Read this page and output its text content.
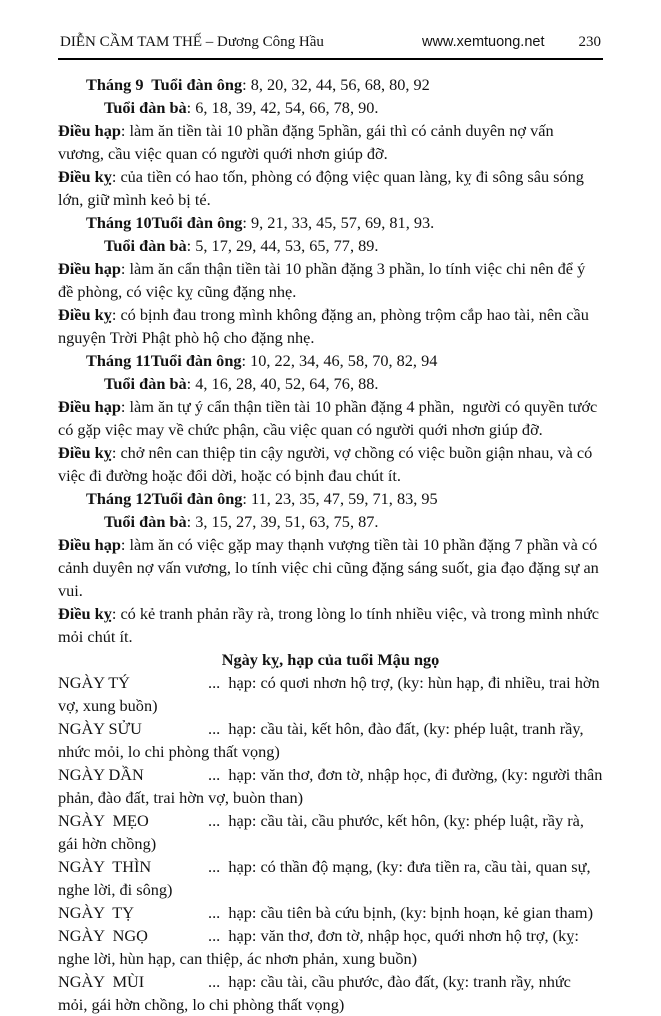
DIỄN CẦM TAM THẾ – Dương Công Hầu	www.xemtuong.net 230

Tháng 9  Tuổi đàn ông: 8, 20, 32, 44, 56, 68, 80, 92

Tuổi đàn bà: 6, 18, 39, 42, 54, 66, 78, 90.

Điều hạp: làm ăn tiền tài 10 phần đặng 5phần, gái thì có cảnh duyên nợ vấn vương, cầu việc quan có người quới nhơn giúp đỡ.

Điều kỵ: của tiền có hao tốn, phòng có động việc quan làng, kỵ đi sông sâu sóng lớn, giữ mình keỏ bị té.

Tháng 10Tuổi đàn ông: 9, 21, 33, 45, 57, 69, 81, 93.

Tuổi đàn bà: 5, 17, 29, 44, 53, 65, 77, 89.

Điều hạp: làm ăn cẩn thận tiền tài 10 phần đặng 3 phần, lo tính việc chi nên để ý đề phòng, có việc kỵ cũng đặng nhẹ.

Điều kỵ: có bịnh đau trong mình không đặng an, phòng trộm cắp hao tài, nên cầu nguyện Trời Phật phò hộ cho đặng nhẹ.

Tháng 11Tuổi đàn ông: 10, 22, 34, 46, 58, 70, 82, 94

Tuổi đàn bà: 4, 16, 28, 40, 52, 64, 76, 88.

Điều hạp: làm ăn tự ý cẩn thận tiền tài 10 phần đặng 4 phần,  người có quyền tước có gặp việc may về chức phận, cầu việc quan có người quới nhơn giúp đỡ.

Điều kỵ: chở nên can thiệp tin cậy người, vợ chồng có việc buồn giận nhau, và có việc đi đường hoặc đổi dời, hoặc có bịnh đau chút ít.

Tháng 12Tuổi đàn ông: 11, 23, 35, 47, 59, 71, 83, 95

Tuổi đàn bà: 3, 15, 27, 39, 51, 63, 75, 87.

Điều hạp: làm ăn có việc gặp may thạnh vượng tiền tài 10 phần đặng 7 phần và có cảnh duyên nợ vấn vương, lo tính việc chi cũng đặng sáng suốt, gia đạo đặng sự an vui.

Điều kỵ: có kẻ tranh phản rầy rà, trong lòng lo tính nhiều việc, và trong mình nhức mỏi chút ít.

Ngày kỵ, hạp của tuổi Mậu ngọ

NGÀY TÝ	...  hạp: có quơi nhơn hộ trợ, (ky: hùn hạp, đi nhiều, trai hờn vợ, xung buồn)

NGÀY SỬU	...  hạp: cầu tài, kết hôn, đào đất, (ky: phép luật, tranh rầy, nhức mỏi, lo chi phòng thất vọng)

NGÀY DẦN	...  hạp: văn thơ, đơn tờ, nhập học, đi đường, (ky: người thân phản, đào đất, trai hờn vợ, buòn than)

NGÀY  MẸO	...  hạp: cầu tài, cầu phước, kết hôn, (kỵ: phép luật, rầy rà, gái hờn chồng)

NGÀY  THÌN	...  hạp: có thần độ mạng, (ky: đưa tiền ra, cầu tài, quan sự, nghe lời, đi sông)

NGÀY  TỴ	...  hạp: cầu tiên bà cứu bịnh, (ky: bịnh hoạn, kẻ gian tham)

NGÀY  NGỌ	...  hạp: văn thơ, đơn tờ, nhập học, quới nhơn hộ trợ, (kỵ: nghe lời, hùn hạp, can thiệp, ác nhơn phản, xung buồn)

NGÀY  MÙI	...  hạp: cầu tài, cầu phước, đào đất, (kỵ: tranh rầy, nhức mỏi, gái hờn chồng, lo chi phòng thất vọng)
